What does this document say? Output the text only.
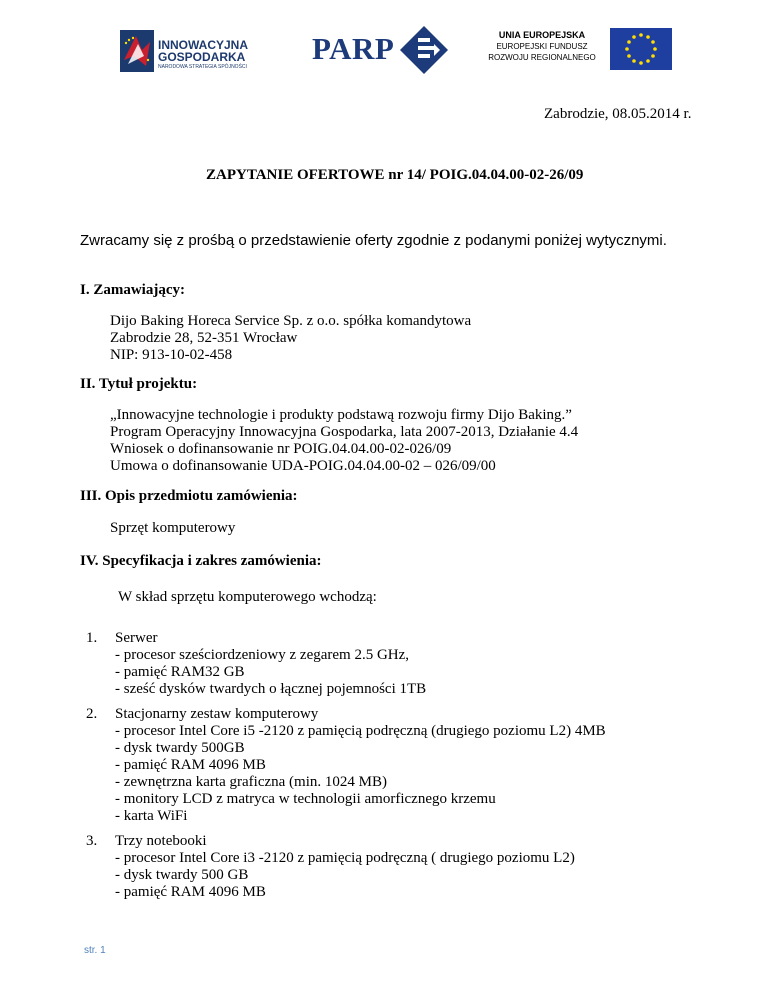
INNOWACYJNA
GOSPODARKA
NARODOWA STRATEGIA SPÓJNOŚCI
PARP	UNIA EUROPEJSKA
EUROPEJSKI FUNDUSZ
ROZWOJU REGIONALNEGO
Zabrodzie, 08.05.2014 r.
ZAPYTANIE OFERTOWE nr 14/ POIG.04.04.00-02-26/09
Zwracamy się z prośbą o przedstawienie oferty zgodnie z podanymi poniżej wytycznymi.
I. Zamawiający:
Dijo Baking Horeca Service Sp. z o.o. spółka komandytowa
Zabrodzie 28, 52-351 Wrocław
NIP: 913-10-02-458
II. Tytuł projektu:
„Innowacyjne technologie i produkty podstawą rozwoju firmy Dijo Baking.”
Program Operacyjny Innowacyjna Gospodarka, lata 2007-2013, Działanie 4.4
Wniosek o dofinansowanie nr POIG.04.04.00-02-026/09
Umowa o dofinansowanie UDA-POIG.04.04.00-02 – 026/09/00
III. Opis przedmiotu zamówienia:
Sprzęt komputerowy
IV. Specyfikacja i zakres zamówienia:
W skład sprzętu komputerowego wchodzą:
1. Serwer
- procesor sześciordzeniowy z zegarem 2.5 GHz,
- pamięć RAM32 GB
- sześć dysków twardych o łącznej pojemności 1TB
2. Stacjonarny zestaw komputerowy
- procesor Intel Core i5 -2120 z pamięcią podręczną (drugiego poziomu L2) 4MB
- dysk twardy 500GB
- pamięć RAM 4096 MB
- zewnętrzna karta graficzna (min. 1024 MB)
- monitory LCD z matryca w technologii amorficznego krzemu
- karta WiFi
3. Trzy notebooki
- procesor Intel Core i3 -2120 z pamięcią podręczną ( drugiego poziomu L2)
- dysk twardy 500 GB
- pamięć RAM 4096 MB
str. 1
